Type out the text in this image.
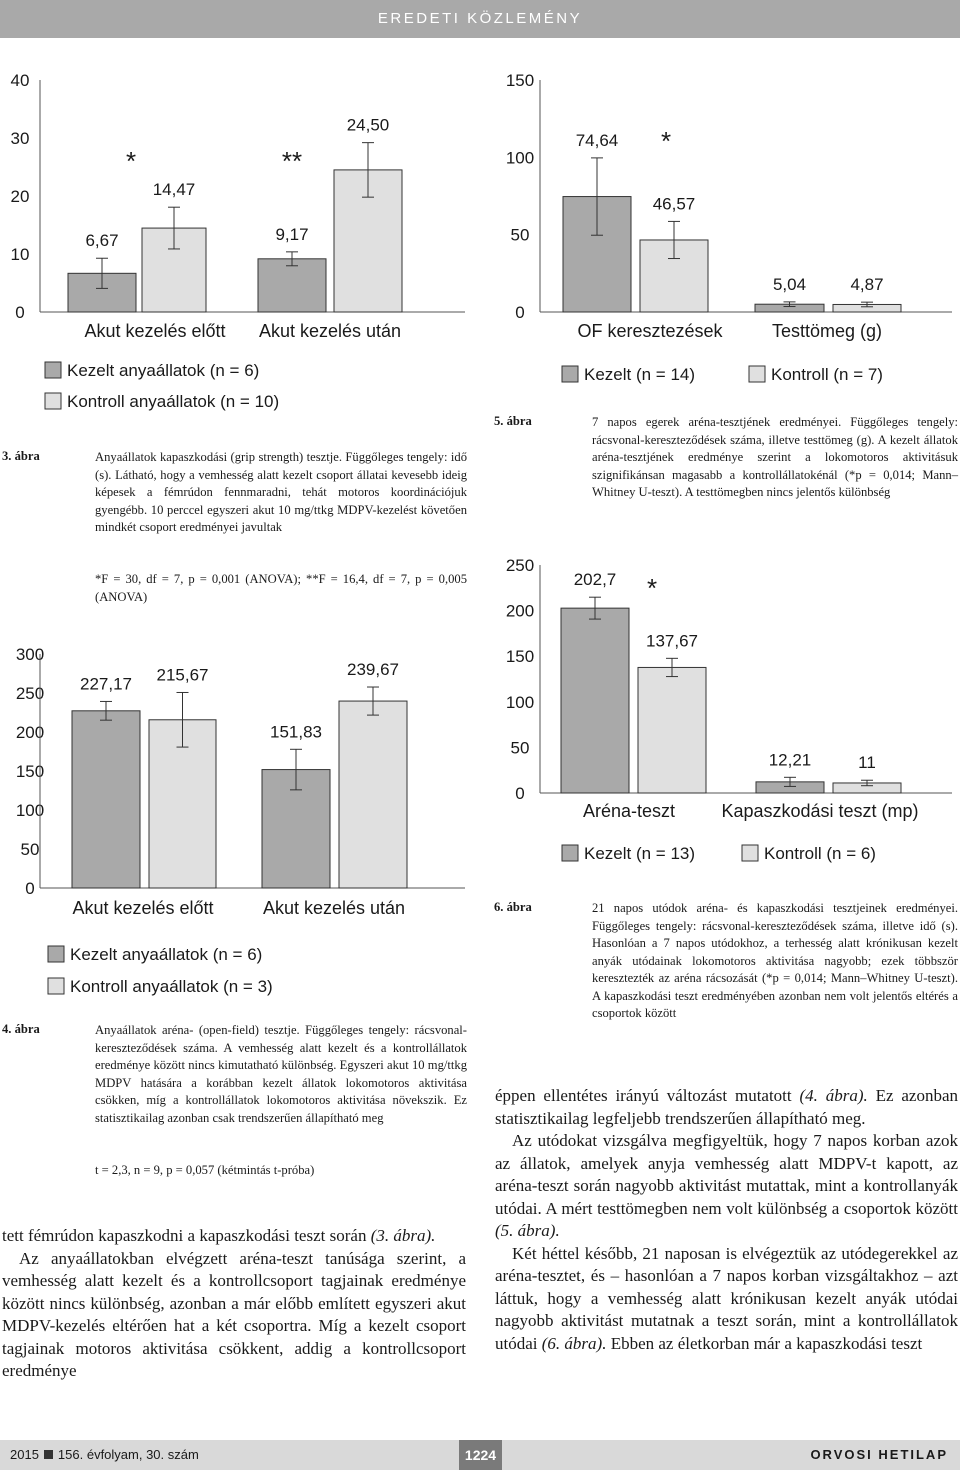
EREDETI KÖZLEMÉNY
0
10
20
30
40
6,67
14,47
9,17
24,50
*	**
Akut kezelés előtt Akut kezelés után
Kezelt anyaállatok (n = 6)
Kontroll anyaállatok (n = 10)
0
50
100
150
74,64
46,57
5,04	4,87
*
OF keresztezések	Testtömeg (g)
Kezelt (n = 14)	Kontroll (n = 7)
0
50
100
150
200
250
300
227,17 215,67
151,83
239,67
Akut kezelés előtt	Akut kezelés után
Kezelt anyaállatok (n = 6)
Kontroll anyaállatok (n = 3)
0
50
100
150
200
250
202,7
137,67
12,21	11
*
Aréna-teszt	Kapaszkodási teszt (mp)
Kezelt (n = 13)	Kontroll (n = 6)
3. ábra	Anyaállatok kapaszkodási (grip strength) tesztje. Függőleges tengely: idő (s). Látható, hogy a vemhesség alatt kezelt csoport állatai kevesebb ideig képesek a fémrúdon fennmaradni, tehát motoros koordinációjuk gyengébb. 10 perccel egyszeri akut 10 mg/ttkg MDPV-kezelést követően mindkét csoport eredményei javultak
*F = 30, df = 7, p = 0,001 (ANOVA); **F = 16,4, df = 7, p = 0,005 (ANOVA)
4. ábra	Anyaállatok aréna- (open-field) tesztje. Függőleges tengely: rácsvonal-kereszteződések száma. A vemhesség alatt kezelt és a kontrollállatok eredménye között nincs kimutatható különbség. Egyszeri akut 10 mg/ttkg MDPV hatására a korábban kezelt állatok lokomotoros aktivitása csökken, míg a kontrollállatok lokomotoros aktivitása növekszik. Ez statisztikailag azonban csak trendszerűen állapítható meg
t = 2,3, n = 9, p = 0,057 (kétmintás t-próba)
5. ábra	7 napos egerek aréna-tesztjének eredményei. Függőleges tengely: rácsvonal-kereszteződések száma, illetve testtömeg (g). A kezelt állatok aréna-tesztjének eredménye szerint a lokomotoros aktivitásuk szignifikánsan magasabb a kontrollállatokénál (*p = 0,014; Mann–Whitney U-teszt). A testtömegben nincs jelentős különbség
6. ábra	21 napos utódok aréna- és kapaszkodási tesztjeinek eredményei. Függőleges tengely: rácsvonal-kereszteződések száma, illetve idő (s). Hasonlóan a 7 napos utódokhoz, a terhesség alatt krónikusan kezelt anyák utódainak lokomotoros aktivitása nagyobb; ezek többször keresztezték az aréna rácsozását (*p = 0,014; Mann–Whitney U-teszt). A kapaszkodási teszt eredményében azonban nem volt jelentős eltérés a csoportok között

tett fémrúdon kapaszkodni a kapaszkodási teszt során (3. ábra).

Az anyaállatokban elvégzett aréna-teszt tanúsága szerint, a vemhesség alatt kezelt és a kontrollcsoport tagjainak eredménye között nincs különbség, azonban a már előbb említett egyszeri akut MDPV-kezelés eltérően hat a két csoportra. Míg a kezelt csoport tagjainak motoros aktivitása csökkent, addig a kontrollcsoport eredménye

éppen ellentétes irányú változást mutatott (4. ábra). Ez azonban statisztikailag legfeljebb trendszerűen állapítható meg.

Az utódokat vizsgálva megfigyeltük, hogy 7 napos korban azok az állatok, amelyek anyja vemhesség alatt MDPV-t kapott, az aréna-teszt során nagyobb aktivitást mutattak, mint a kontrollanyák utódai. A mért testtömegben nem volt különbség a csoportok között (5. ábra).

Két héttel később, 21 naposan is elvégeztük az utódegerekkel az aréna-tesztet, és – hasonlóan a 7 napos korban vizsgáltakhoz – azt láttuk, hogy a vemhesség alatt krónikusan kezelt anyák utódai nagyobb aktivitást mutatnak a teszt során, mint a kontrollállatok utódai (6. ábra). Ebben az életkorban már a kapaszkodási teszt

2015 156. évfolyam, 30. szám	1224	ORVOSI HETILAP
